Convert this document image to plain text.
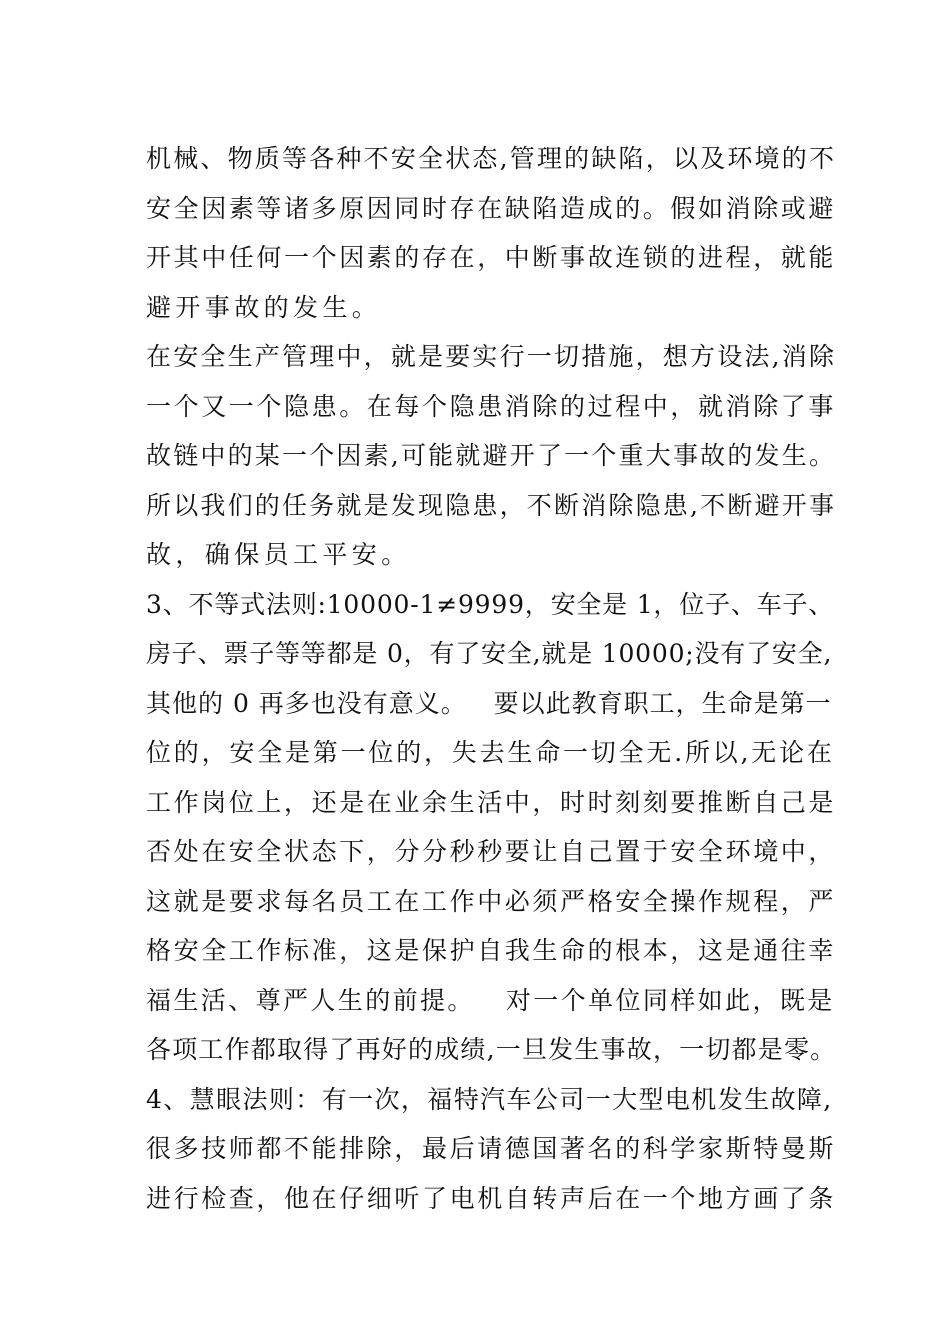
机械、物质等各种不安全状态,管理的缺陷，以及环境的不
安全因素等诸多原因同时存在缺陷造成的。假如消除或避
开其中任何一个因素的存在，中断事故连锁的进程，就能
避开事故的发生。
在安全生产管理中，就是要实行一切措施，想方设法,消除
一个又一个隐患。在每个隐患消除的过程中，就消除了事
故链中的某一个因素,可能就避开了一个重大事故的发生。
所以我们的任务就是发现隐患，不断消除隐患,不断避开事
故，确保员工平安。
3、不等式法则:10000-1≠9999，安全是 1，位子、车子、
房子、票子等等都是 0，有了安全,就是 10000;没有了安全,
其他的 0 再多也没有意义。   要以此教育职工，生命是第一
位的，安全是第一位的，失去生命一切全无.所以,无论在
工作岗位上，还是在业余生活中，时时刻刻要推断自己是
否处在安全状态下，分分秒秒要让自己置于安全环境中，
这就是要求每名员工在工作中必须严格安全操作规程，严
格安全工作标准，这是保护自我生命的根本，这是通往幸
福生活、尊严人生的前提。   对一个单位同样如此，既是
各项工作都取得了再好的成绩,一旦发生事故，一切都是零。
4、慧眼法则：有一次，福特汽车公司一大型电机发生故障,
很多技师都不能排除，最后请德国著名的科学家斯特曼斯
进行检查，他在仔细听了电机自转声后在一个地方画了条
